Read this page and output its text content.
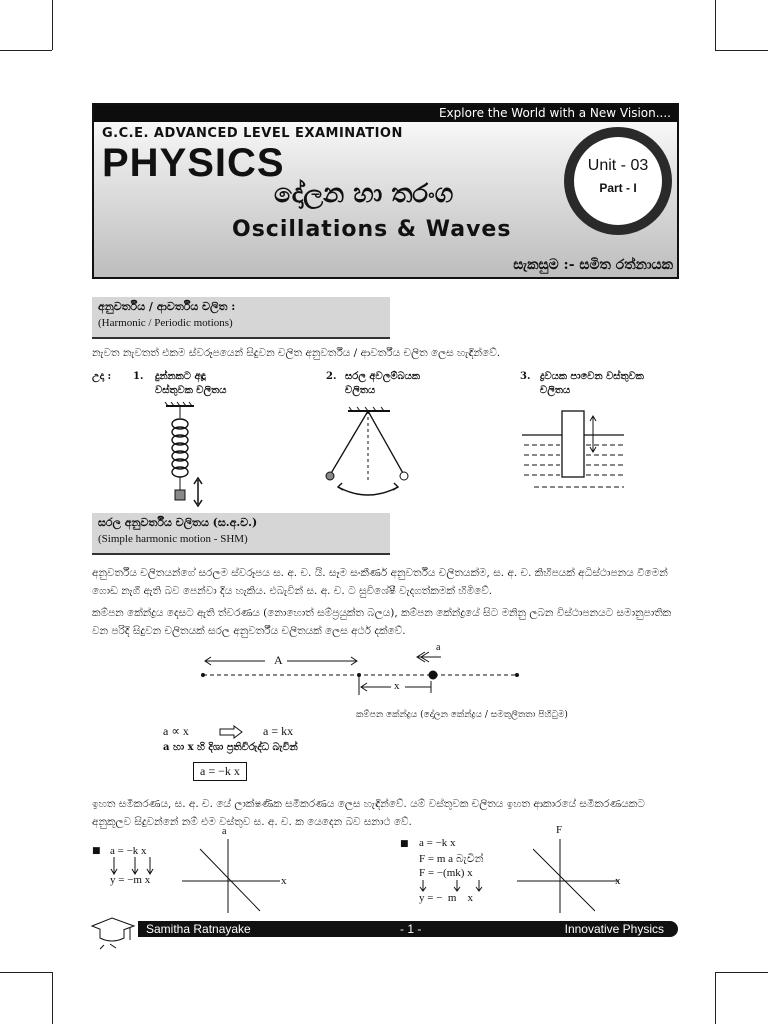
Explore the World with a New Vision....
G.C.E. ADVANCED LEVEL EXAMINATION
PHYSICS
දෝලන හා තරංග
Oscillations & Waves
සැකසුම :- සමිත රත්නායක
Unit - 03
Part - I
අනුවර්තීය / ආවර්තීය චලිත :
(Harmonic / Periodic motions)
නැවත නැවතත් එකම ස්වරූපයෙන් සිදුවන චලිත අනුවර්තීය / ආවර්තීය චලිත ලෙස හැඳින්වේ.
උදා : 1. දුන්නකට අඳූ
වස්තුවක චලිතය
2. සරල අවලම්බයක
චලිතය
3. ද්‍රවයක පාවෙන වස්තුවක
චලිතය
සරල අනුවර්තීය චලිතය (ස.අ.ච.)
(Simple harmonic motion - SHM)
අනුවර්තීය චලිතයන්ගේ සරලම ස්වරූපය ස. අ. ච. යි. සෑම සංකීර්ණ අනුවර්තීය චලිතයක්ම, ස. අ. ච. කිහිපයක් අධිස්ථාපනය වීමෙන් ගොඩ නැගී ඇති බව පෙන්වා දිය හැකිය. එබැවින් ස. අ. ච. ට සුවිශේෂී වැදගත්කමක් හිමිවේ.
කම්පන කේන්ද්‍රය දෙසට ඇති ත්වරණය (නොහොත් සම්ප්‍රයුක්ත බලය), කම්පන කේන්ද්‍රයේ සිට මනිනු ලබන විස්ථාපනයට සමානුපාතික වන පරිදි සිදුවන චලිතයක් සරල අනුවර්තීය චලිතයක් ලෙස අර්ථ දක්වේ.
A
a
x
කම්පන කේන්ද්‍රය (දෝලන කේන්ද්‍රය / සමතුලිතතා පිහිටුම)
a ∝ x	a = kx
a හා x හි දිශා ප්‍රතිවිරුද්ධ බැවින්
a = −k x
ඉහත සමීකරණය, ස. අ. ච. යේ ලාක්ෂණික සමීකරණය ලෙස හැඳින්වේ. යම් වස්තුවක චලිතය ඉහත ආකාරයේ සමීකරණයකට අනුකූලව සිදුවන්නේ නම් එම වස්තුව ස. අ. ච. ක යෙදෙන බව සනාථ වේ.
■ a = −k x
y = −m x
a
x
■ a = −k x
F = m a බැවින්
F = −(mk) x
y = −  m    x
F
x
Samitha Ratnayake	- 1 -	Innovative Physics
